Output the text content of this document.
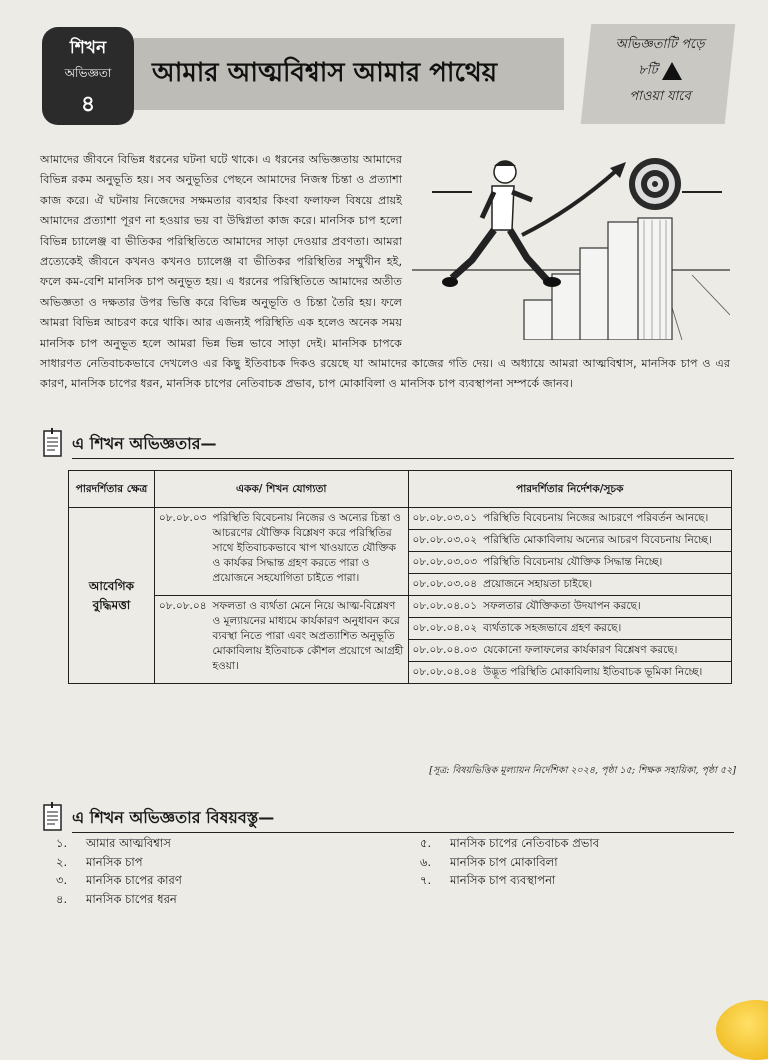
শিখন
অভিজ্ঞতা
৪
আমার আত্মবিশ্বাস আমার পাথেয়
অভিজ্ঞতাটি পড়ে
৮টি
পাওয়া যাবে

আমাদের জীবনে বিভিন্ন ধরনের ঘটনা ঘটে থাকে। এ ধরনের অভিজ্ঞতায় আমাদের বিভিন্ন রকম অনুভূতি হয়। সব অনুভূতির পেছনে আমাদের নিজস্ব চিন্তা ও প্রত্যাশা কাজ করে। ঐ ঘটনায় নিজেদের সক্ষমতার ব্যবহার কিংবা ফলাফল বিষয়ে প্রায়ই আমাদের প্রত্যাশা পূরণ না হওয়ার ভয় বা উদ্বিগ্নতা কাজ করে। মানসিক চাপ হলো বিভিন্ন চ্যালেঞ্জ বা ভীতিকর পরিস্থিতিতে আমাদের সাড়া দেওয়ার প্রবণতা। আমরা প্রত্যেকেই জীবনে কখনও কখনও চ্যালেঞ্জ বা ভীতিকর পরিস্থিতির সম্মুখীন হই, ফলে কম-বেশি মানসিক চাপ অনুভূত হয়। এ ধরনের পরিস্থিতিতে আমাদের অতীত অভিজ্ঞতা ও দক্ষতার উপর ভিত্তি করে বিভিন্ন অনুভূতি ও চিন্তা তৈরি হয়। ফলে আমরা বিভিন্ন আচরণ করে থাকি। আর এজন্যই পরিস্থিতি এক হলেও অনেক সময় মানসিক চাপ অনুভূত হলে আমরা ভিন্ন ভিন্ন ভাবে সাড়া দেই। মানসিক চাপকে সাধারণত নেতিবাচকভাবে দেখলেও এর কিছু ইতিবাচক দিকও রয়েছে যা আমাদের কাজের গতি দেয়। এ অধ্যায়ে আমরা আত্মবিশ্বাস, মানসিক চাপ ও এর কারণ, মানসিক চাপের ধরন, মানসিক চাপের নেতিবাচক প্রভাব, চাপ মোকাবিলা ও মানসিক চাপ ব্যবস্থাপনা সম্পর্কে জানব।

এ শিখন অভিজ্ঞতার—
পারদর্শিতার ক্ষেত্র	একক/ শিখন যোগ্যতা	পারদর্শিতার নির্দেশক/সূচক
আবেগিক বুদ্ধিমত্তা	০৮.০৮.০৩ পরিস্থিতি বিবেচনায় নিজের ও অন্যের চিন্তা ও আচরণের যৌক্তিক বিশ্লেষণ করে পরিস্থিতির সাথে ইতিবাচকভাবে খাপ খাওয়াতে যৌক্তিক ও কার্যকর সিদ্ধান্ত গ্রহণ করতে পারা ও প্রয়োজনে সহযোগিতা চাইতে পারা।	০৮.০৮.০৩.০১ পরিস্থিতি বিবেচনায় নিজের আচরণে পরিবর্তন আনছে।

		০৮.০৮.০৩.০২ পরিস্থিতি মোকাবিলায় অন্যের আচরণ বিবেচনায় নিচ্ছে।

		০৮.০৮.০৩.০৩ পরিস্থিতি বিবেচনায় যৌক্তিক সিদ্ধান্ত নিচ্ছে।

		০৮.০৮.০৩.০৪ প্রয়োজনে সহায়তা চাইছে।

	০৮.০৮.০৪ সফলতা ও ব্যর্থতা মেনে নিয়ে আত্ম-বিশ্লেষণ ও মূল্যায়নের মাধ্যমে কার্যকারণ অনুধাবন করে ব্যবস্থা নিতে পারা এবং অপ্রত্যাশিত অনুভূতি মোকাবিলায় ইতিবাচক কৌশল প্রয়োগে আগ্রহী হওয়া।	০৮.০৮.০৪.০১ সফলতার যৌক্তিকতা উদযাপন করছে।

		০৮.০৮.০৪.০২ ব্যর্থতাকে সহজভাবে গ্রহণ করছে।

		০৮.০৮.০৪.০৩ যেকোনো ফলাফলের কার্যকারণ বিশ্লেষণ করছে।

		০৮.০৮.০৪.০৪ উদ্ভূত পরিস্থিতি মোকাবিলায় ইতিবাচক ভূমিকা নিচ্ছে।
[সূত্র: বিষয়ভিত্তিক মূল্যায়ন নির্দেশিকা ২০২৪, পৃষ্ঠা ১৫; শিক্ষক সহায়িকা, পৃষ্ঠা ৫২]
এ শিখন অভিজ্ঞতার বিষয়বস্তু—
১.	আমার আত্মবিশ্বাস
২.	মানসিক চাপ
৩.	মানসিক চাপের কারণ
৪.	মানসিক চাপের ধরন
৫.	মানসিক চাপের নেতিবাচক প্রভাব
৬.	মানসিক চাপ মোকাবিলা
৭.	মানসিক চাপ ব্যবস্থাপনা
